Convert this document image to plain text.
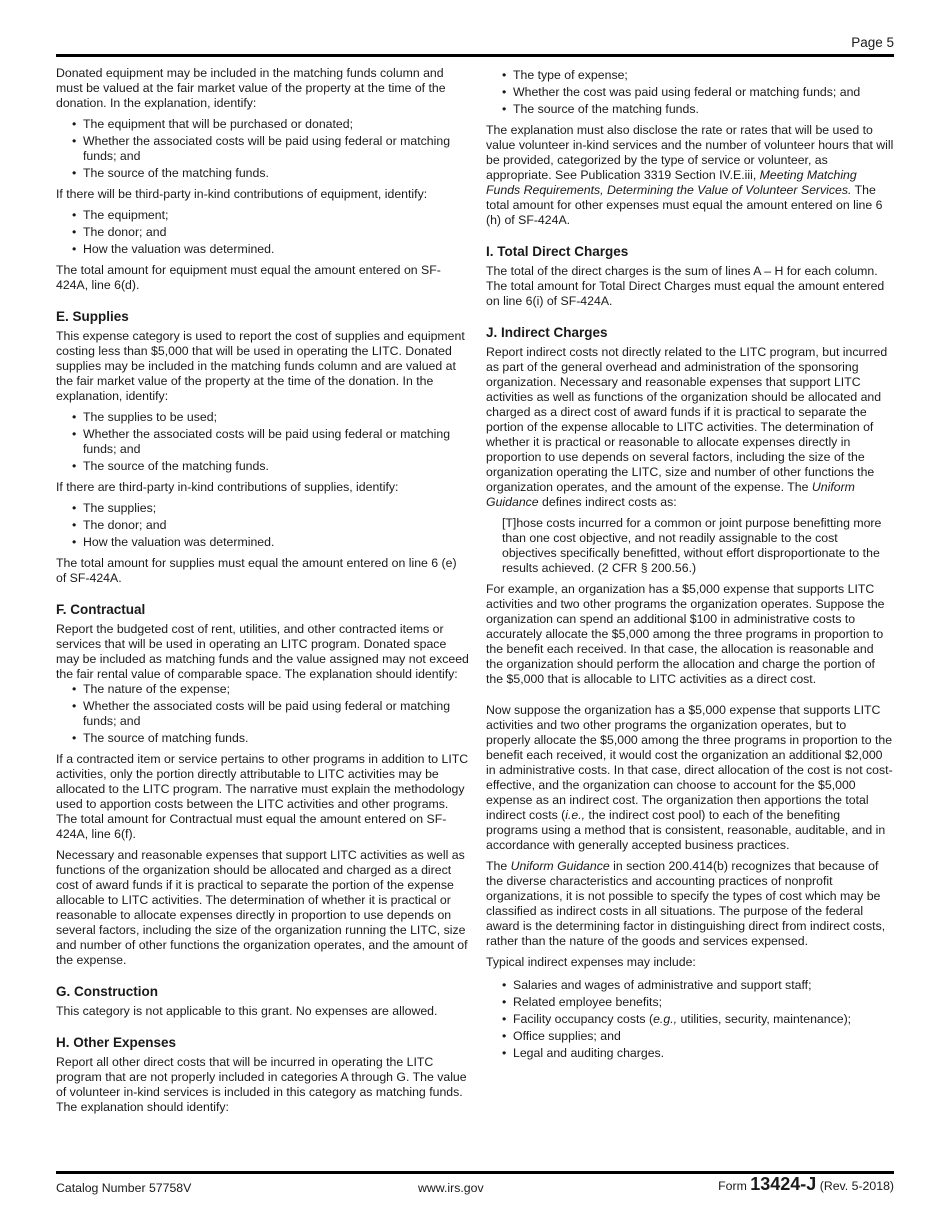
Page 5

Donated equipment may be included in the matching funds column and must be valued at the fair market value of the property at the time of the donation. In the explanation, identify:

• The equipment that will be purchased or donated;
• Whether the associated costs will be paid using federal or matching funds; and
• The source of the matching funds.

If there will be third-party in-kind contributions of equipment, identify:

• The equipment;
• The donor; and
• How the valuation was determined.

The total amount for equipment must equal the amount entered on SF-424A, line 6(d).

E. Supplies

This expense category is used to report the cost of supplies and equipment costing less than $5,000 that will be used in operating the LITC. Donated supplies may be included in the matching funds column and are valued at the fair market value of the property at the time of the donation. In the explanation, identify:

• The supplies to be used;
• Whether the associated costs will be paid using federal or matching funds; and
• The source of the matching funds.

If there are third-party in-kind contributions of supplies, identify:

• The supplies;
• The donor; and
• How the valuation was determined.

The total amount for supplies must equal the amount entered on line 6 (e) of SF-424A.

F. Contractual

Report the budgeted cost of rent, utilities, and other contracted items or services that will be used in operating an LITC program. Donated space may be included as matching funds and the value assigned may not exceed the fair rental value of comparable space. The explanation should identify:

• The nature of the expense;
• Whether the associated costs will be paid using federal or matching funds; and
• The source of matching funds.

If a contracted item or service pertains to other programs in addition to LITC activities, only the portion directly attributable to LITC activities may be allocated to the LITC program. The narrative must explain the methodology used to apportion costs between the LITC activities and other programs. The total amount for Contractual must equal the amount entered on SF-424A, line 6(f).

Necessary and reasonable expenses that support LITC activities as well as functions of the organization should be allocated and charged as a direct cost of award funds if it is practical to separate the portion of the expense allocable to LITC activities. The determination of whether it is practical or reasonable to allocate expenses directly in proportion to use depends on several factors, including the size of the organization running the LITC, size and number of other functions the organization operates, and the amount of the expense.

G. Construction

This category is not applicable to this grant. No expenses are allowed.

H. Other Expenses

Report all other direct costs that will be incurred in operating the LITC program that are not properly included in categories A through G. The value of volunteer in-kind services is included in this category as matching funds. The explanation should identify:

• The type of expense;
• Whether the cost was paid using federal or matching funds; and
• The source of the matching funds.

The explanation must also disclose the rate or rates that will be used to value volunteer in-kind services and the number of volunteer hours that will be provided, categorized by the type of service or volunteer, as appropriate. See Publication 3319 Section IV.E.iii, Meeting Matching Funds Requirements, Determining the Value of Volunteer Services. The total amount for other expenses must equal the amount entered on line 6 (h) of SF-424A.

I. Total Direct Charges

The total of the direct charges is the sum of lines A – H for each column. The total amount for Total Direct Charges must equal the amount entered on line 6(i) of SF-424A.

J. Indirect Charges

Report indirect costs not directly related to the LITC program, but incurred as part of the general overhead and administration of the sponsoring organization. Necessary and reasonable expenses that support LITC activities as well as functions of the organization should be allocated and charged as a direct cost of award funds if it is practical to separate the portion of the expense allocable to LITC activities. The determination of whether it is practical or reasonable to allocate expenses directly in proportion to use depends on several factors, including the size of the organization operating the LITC, size and number of other functions the organization operates, and the amount of the expense. The Uniform Guidance defines indirect costs as:

[T]hose costs incurred for a common or joint purpose benefitting more than one cost objective, and not readily assignable to the cost objectives specifically benefitted, without effort disproportionate to the results achieved. (2 CFR § 200.56.)

For example, an organization has a $5,000 expense that supports LITC activities and two other programs the organization operates. Suppose the organization can spend an additional $100 in administrative costs to accurately allocate the $5,000 among the three programs in proportion to the benefit each received. In that case, the allocation is reasonable and the organization should perform the allocation and charge the portion of the $5,000 that is allocable to LITC activities as a direct cost.

Now suppose the organization has a $5,000 expense that supports LITC activities and two other programs the organization operates, but to properly allocate the $5,000 among the three programs in proportion to the benefit each received, it would cost the organization an additional $2,000 in administrative costs. In that case, direct allocation of the cost is not cost-effective, and the organization can choose to account for the $5,000 expense as an indirect cost. The organization then apportions the total indirect costs (i.e., the indirect cost pool) to each of the benefiting programs using a method that is consistent, reasonable, auditable, and in accordance with generally accepted business practices.

The Uniform Guidance in section 200.414(b) recognizes that because of the diverse characteristics and accounting practices of nonprofit organizations, it is not possible to specify the types of cost which may be classified as indirect costs in all situations. The purpose of the federal award is the determining factor in distinguishing direct from indirect costs, rather than the nature of the goods and services expensed.

Typical indirect expenses may include:

• Salaries and wages of administrative and support staff;
• Related employee benefits;
• Facility occupancy costs (e.g., utilities, security, maintenance);
• Office supplies; and
• Legal and auditing charges.
Catalog Number 57758V	www.irs.gov	Form 13424-J (Rev. 5-2018)
